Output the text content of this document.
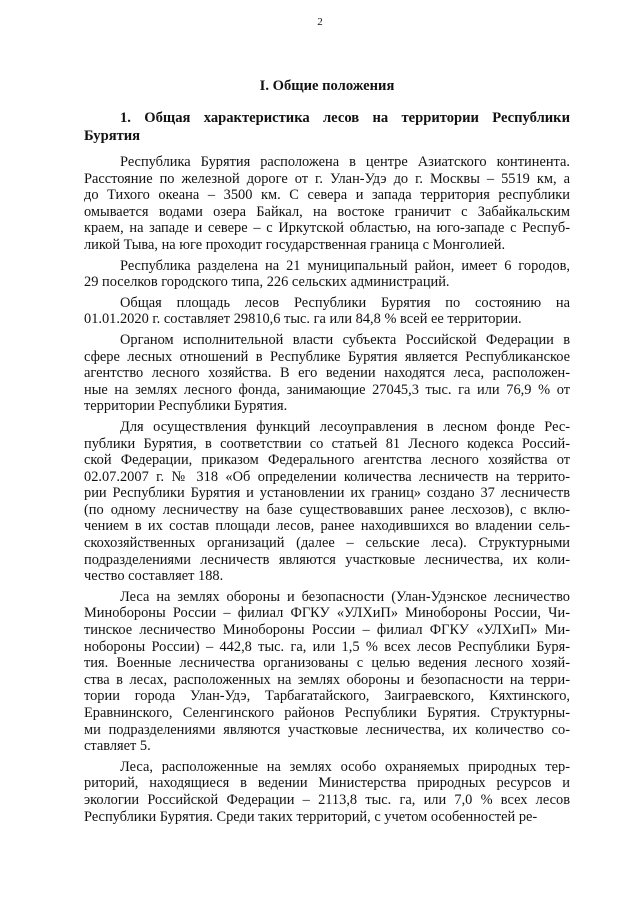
2
I. Общие положения
1. Общая характеристика лесов на территории Республики Бурятия

Республика Бурятия расположена в центре Азиатского континента.
Расстояние по железной дороге от г. Улан-Удэ до г. Москвы – 5519 км, а
до Тихого океана – 3500 км. С севера и запада территория республики
омывается водами озера Байкал, на востоке граничит с Забайкальским
краем, на западе и севере – с Иркутской областью, на юго-западе с Респуб-
ликой Тыва, на юге проходит государственная граница с Монголией.

Республика разделена на 21 муниципальный район, имеет 6 городов,
29 поселков городского типа, 226 сельских администраций.

Общая площадь лесов Республики Бурятия по состоянию на
01.01.2020 г. составляет 29810,6 тыс. га или 84,8 % всей ее территории.

Органом исполнительной власти субъекта Российской Федерации в
сфере лесных отношений в Республике Бурятия является Республиканское
агентство лесного хозяйства. В его ведении находятся леса, расположен-
ные на землях лесного фонда, занимающие 27045,3 тыс. га или 76,9 % от
территории Республики Бурятия.

Для осуществления функций лесоуправления в лесном фонде Рес-
публики Бурятия, в соответствии со статьей 81 Лесного кодекса Россий-
ской Федерации, приказом Федерального агентства лесного хозяйства от
02.07.2007 г. № 318 «Об определении количества лесничеств на террито-
рии Республики Бурятия и установлении их границ» создано 37 лесничеств
(по одному лесничеству на базе существовавших ранее лесхозов), с вклю-
чением в их состав площади лесов, ранее находившихся во владении сель-
скохозяйственных организаций (далее – сельские леса). Структурными
подразделениями лесничеств являются участковые лесничества, их коли-
чество составляет 188.

Леса на землях обороны и безопасности (Улан-Удэнское лесничество
Минобороны России – филиал ФГКУ «УЛХиП» Минобороны России, Чи-
тинское лесничество Минобороны России – филиал ФГКУ «УЛХиП» Ми-
нобороны России) – 442,8 тыс. га, или 1,5 % всех лесов Республики Буря-
тия. Военные лесничества организованы с целью ведения лесного хозяй-
ства в лесах, расположенных на землях обороны и безопасности на терри-
тории города Улан-Удэ, Тарбагатайского, Заиграевского, Кяхтинского,
Еравнинского, Селенгинского районов Республики Бурятия. Структурны-
ми подразделениями являются участковые лесничества, их количество со-
ставляет 5.

Леса, расположенные на землях особо охраняемых природных тер-
риторий, находящиеся в ведении Министерства природных ресурсов и
экологии Российской Федерации – 2113,8 тыс. га, или 7,0 % всех лесов
Республики Бурятия. Среди таких территорий, с учетом особенностей ре-
